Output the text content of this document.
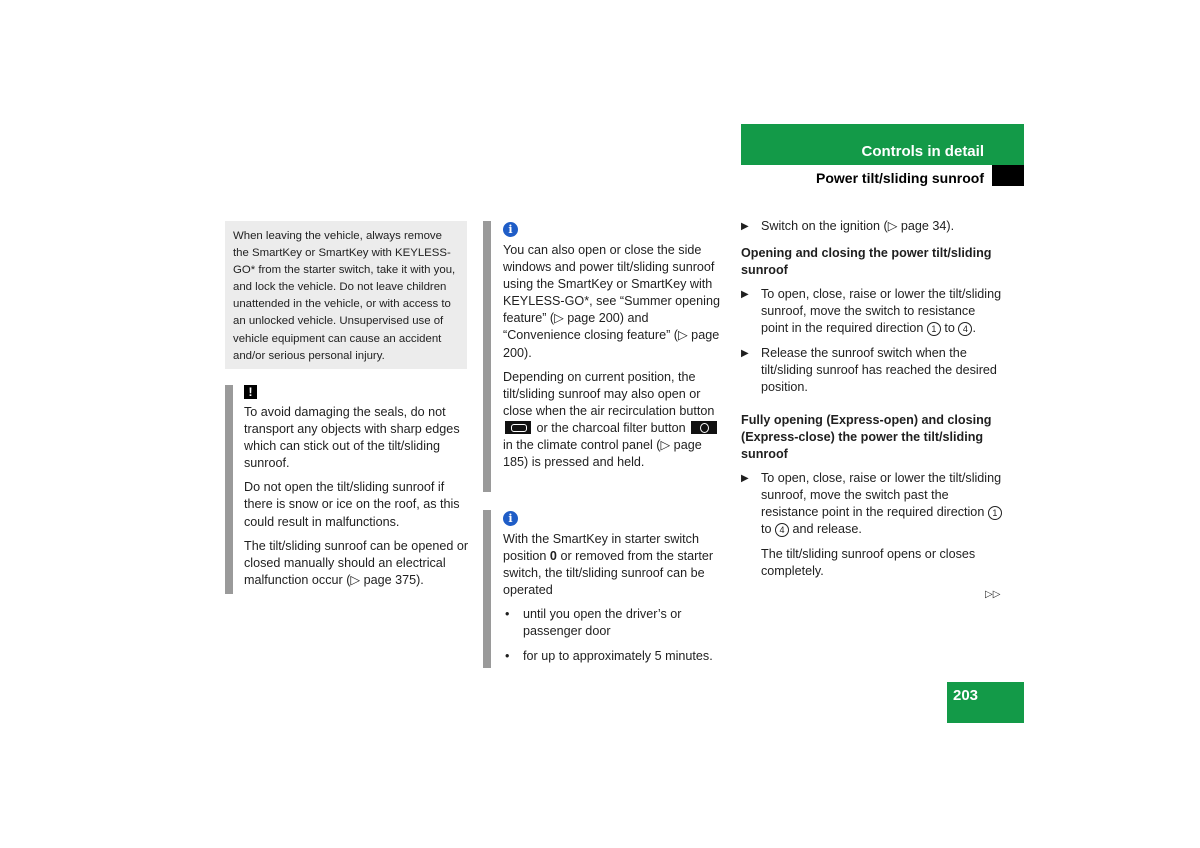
Controls in detail
Power tilt/sliding sunroof
When leaving the vehicle, always remove the SmartKey or SmartKey with KEYLESS-GO* from the starter switch, take it with you, and lock the vehicle. Do not leave children unattended in the vehicle, or with access to an unlocked vehicle. Unsupervised use of vehicle equipment can cause an accident and/or serious personal injury.
!

To avoid damaging the seals, do not transport any objects with sharp edges which can stick out of the tilt/sliding sunroof.

Do not open the tilt/sliding sunroof if there is snow or ice on the roof, as this could result in malfunctions.

The tilt/sliding sunroof can be opened or closed manually should an electrical malfunction occur (▷ page 375).

i

You can also open or close the side windows and power tilt/sliding sunroof using the SmartKey or SmartKey with KEYLESS-GO*, see “Summer opening feature” (▷ page 200) and “Convenience closing feature” (▷ page 200).

Depending on current position, the tilt/sliding sunroof may also open or close when the air recirculation button  or the charcoal filter button  in the climate control panel (▷ page 185) is pressed and held.

i

With the SmartKey in starter switch position 0 or removed from the starter switch, the tilt/sliding sunroof can be operated

• until you open the driver’s or passenger door
• for up to approximately 5 minutes.
▶ Switch on the ignition (▷ page 34).
Opening and closing the power tilt/sliding sunroof
▶ To open, close, raise or lower the tilt/sliding sunroof, move the switch to resistance point in the required direction 1 to 4 .
▶ Release the sunroof switch when the tilt/sliding sunroof has reached the desired position.
Fully opening (Express-open) and closing (Express-close) the power the tilt/sliding sunroof
▶ To open, close, raise or lower the tilt/sliding sunroof, move the switch past the resistance point in the required direction 1 to 4 and release.

The tilt/sliding sunroof opens or closes completely.

▷▷
203
